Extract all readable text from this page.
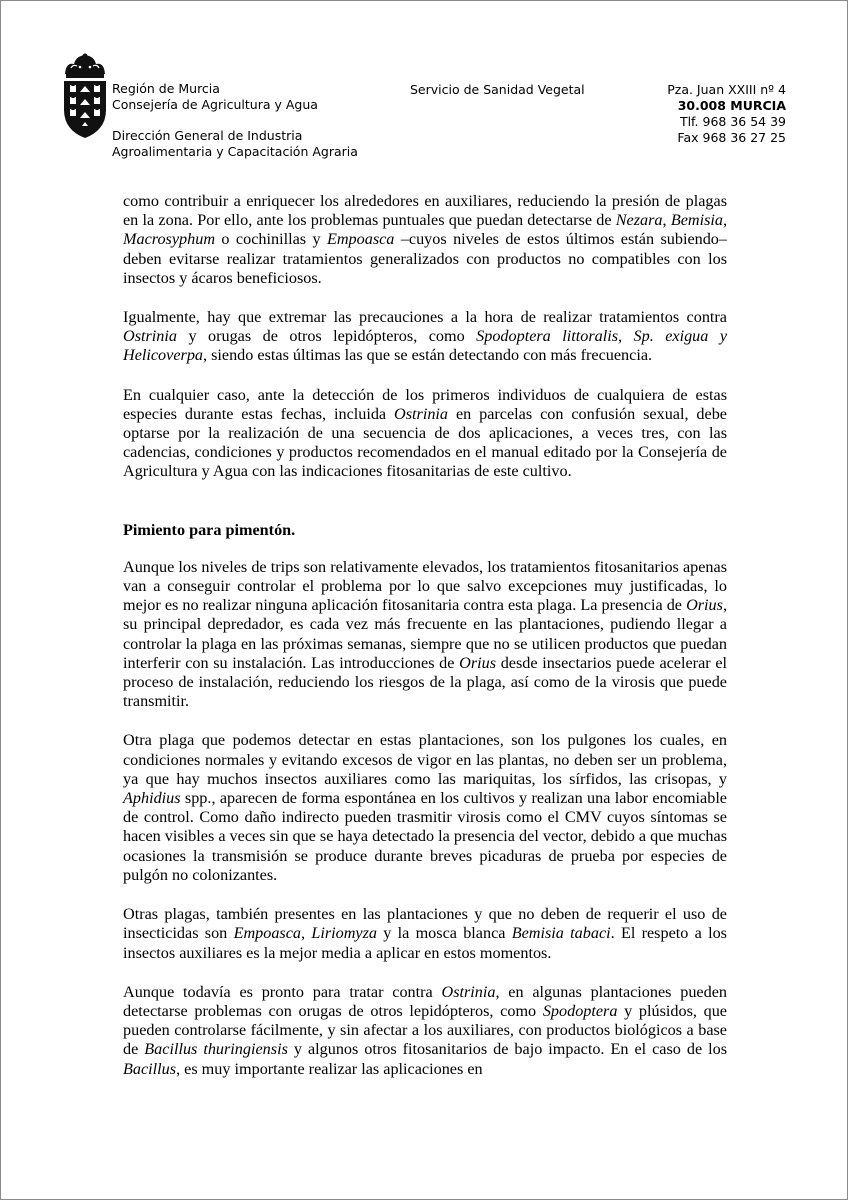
Región de Murcia
Consejería de Agricultura y Agua
Dirección General de Industria
Agroalimentaria y Capacitación Agraria
Servicio de Sanidad Vegetal	Pza. Juan XXIII nº 4
30.008 MURCIA
Tlf. 968 36 54 39
Fax 968 36 27 25

como contribuir a enriquecer los alrededores en auxiliares, reduciendo la presión de plagas en la zona. Por ello, ante los problemas puntuales que puedan detectarse de Nezara, Bemisia, Macrosyphum o cochinillas y Empoasca –cuyos niveles de estos últimos están subiendo– deben evitarse realizar tratamientos generalizados con productos no compatibles con los insectos y ácaros beneficiosos.

Igualmente, hay que extremar las precauciones a la hora de realizar tratamientos contra Ostrinia y orugas de otros lepidópteros, como Spodoptera littoralis, Sp. exigua y Helicoverpa, siendo estas últimas las que se están detectando con más frecuencia.

En cualquier caso, ante la detección de los primeros individuos de cualquiera de estas especies durante estas fechas, incluida Ostrinia en parcelas con confusión sexual, debe optarse por la realización de una secuencia de dos aplicaciones, a veces tres, con las cadencias, condiciones y productos recomendados en el manual editado por la Consejería de Agricultura y Agua con las indicaciones fitosanitarias de este cultivo.

Pimiento para pimentón.

Aunque los niveles de trips son relativamente elevados, los tratamientos fitosanitarios apenas van a conseguir controlar el problema por lo que salvo excepciones muy justificadas, lo mejor es no realizar ninguna aplicación fitosanitaria contra esta plaga. La presencia de Orius, su principal depredador, es cada vez más frecuente en las plantaciones, pudiendo llegar a controlar la plaga en las próximas semanas, siempre que no se utilicen productos que puedan interferir con su instalación. Las introducciones de Orius desde insectarios puede acelerar el proceso de instalación, reduciendo los riesgos de la plaga, así como de la virosis que puede transmitir.

Otra plaga que podemos detectar en estas plantaciones, son los pulgones los cuales, en condiciones normales y evitando excesos de vigor en las plantas, no deben ser un problema, ya que hay muchos insectos auxiliares como las mariquitas, los sírfidos, las crisopas, y Aphidius spp., aparecen de forma espontánea en los cultivos y realizan una labor encomiable de control. Como daño indirecto pueden trasmitir virosis como el CMV cuyos síntomas se hacen visibles a veces sin que se haya detectado la presencia del vector, debido a que muchas ocasiones la transmisión se produce durante breves picaduras de prueba por especies de pulgón no colonizantes.

Otras plagas, también presentes en las plantaciones y que no deben de requerir el uso de insecticidas son Empoasca, Liriomyza y la mosca blanca Bemisia tabaci. El respeto a los insectos auxiliares es la mejor media a aplicar en estos momentos.

Aunque todavía es pronto para tratar contra Ostrinia, en algunas plantaciones pueden detectarse problemas con orugas de otros lepidópteros, como Spodoptera y plúsidos, que pueden controlarse fácilmente, y sin afectar a los auxiliares, con productos biológicos a base de Bacillus thuringiensis y algunos otros fitosanitarios de bajo impacto. En el caso de los Bacillus, es muy importante realizar las aplicaciones en
